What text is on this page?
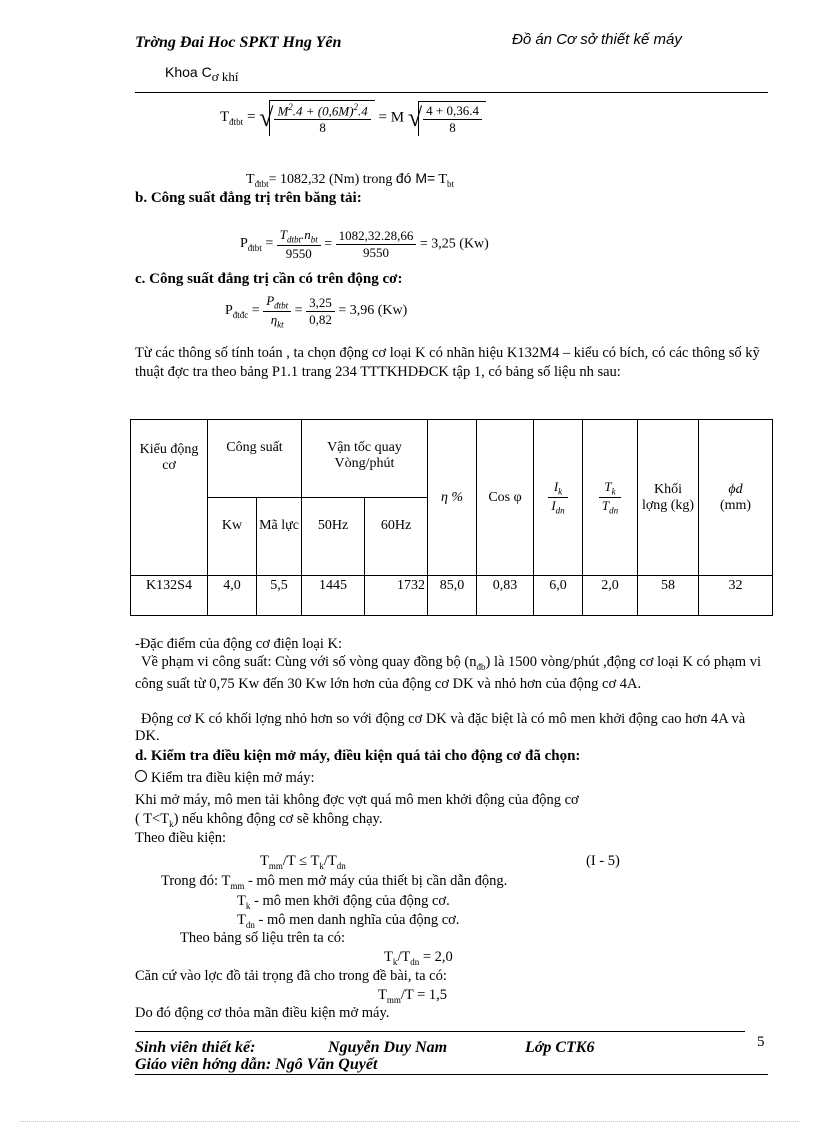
Trờng Đai Hoc SPKT Hng Yên	Đồ án Cơ sở thiết kế máy
Khoa Cơ khí
$T_{đtbt}$ = √ $\frac{M^2.4 + (0,6M)^2.4}{8} = M$ √ $\frac{4 + 0,36.4}{8}$
$T_{đtbt}= 1082,32$ (Nm) trong đó $M= T_{bt}$
b. Công suất đẳng trị trên băng tải:
$P_{đtbt} = \frac{T_{dtbt}.n_{bt}}{9550} = \frac{1082,32.28,66}{9550} = 3,25$ (Kw)
c. Công suất đẳng trị cần có trên động cơ:
$P_{đtđc} = \frac{P_{đtbt}}{\eta_{kt}} = \frac{3,25}{0,82} = 3,96$ (Kw)
Từ các thông số tính toán , ta chọn động cơ loại K có nhãn hiệu K132M4 – kiểu có bích, có các thông số kỹ thuật đợc tra theo bảng P1.1 trang 234 TTTKHDĐCK tập 1, có bảng số liệu nh sau:
Kiểu động cơ	Công suất		Vận tốc quay Vòng/phút		η %	Cos φ	$\frac{I_k}{I_{dn}}$	$\frac{T_k}{T_{dn}}$	Khối lợng (kg)	ϕd
(mm)
	Kw	Mã lực	50Hz	60Hz						
K132S4	4,0	5,5	1445	1732	85,0	0,83	6,0	2,0	58	32
-Đặc điểm của động cơ điện loại K:
Về phạm vi công suất: Cùng với số vòng quay đồng bộ $(n_{đb})$ là 1500 vòng/phút ,động cơ loại K có phạm vi công suất từ 0,75 Kw đến 30 Kw lớn hơn của động cơ DK và nhỏ hơn của động cơ 4A.
Động cơ K có khối lợng nhỏ hơn so với động cơ DK và đặc biệt là có mô men khởi động cao hơn 4A và DK.
d. Kiểm tra điều kiện mở máy, điều kiện quá tải cho động cơ đã chọn:
Kiểm tra điều kiện mở máy:
Khi mở máy, mô men tải không đợc vợt quá mô men khởi động của động cơ
( $T<T_k$) nếu không động cơ sẽ không chạy.
Theo điều kiện:
$T_{mm}/T \le T_k/T_{dn}$	(I - 5)
Trong đó: $T_{mm}$ - mô men mở máy của thiết bị cần dẫn động.
$T_k$ - mô men khởi động của động cơ.
$T_{dn}$ - mô men danh nghĩa của động cơ.
Theo bảng số liệu trên ta có:
$T_k/T_{dn} = 2,0$
Căn cứ vào lợc đồ tải trọng đã cho trong đề bài, ta có:
$T_{mm}/T = 1,5$
Do đó động cơ thỏa mãn điều kiện mở máy.
Sinh viên thiết kế:	Nguyễn Duy Nam	Lớp CTK6	5
Giáo viên hớng dẫn: Ngô Văn Quyết
